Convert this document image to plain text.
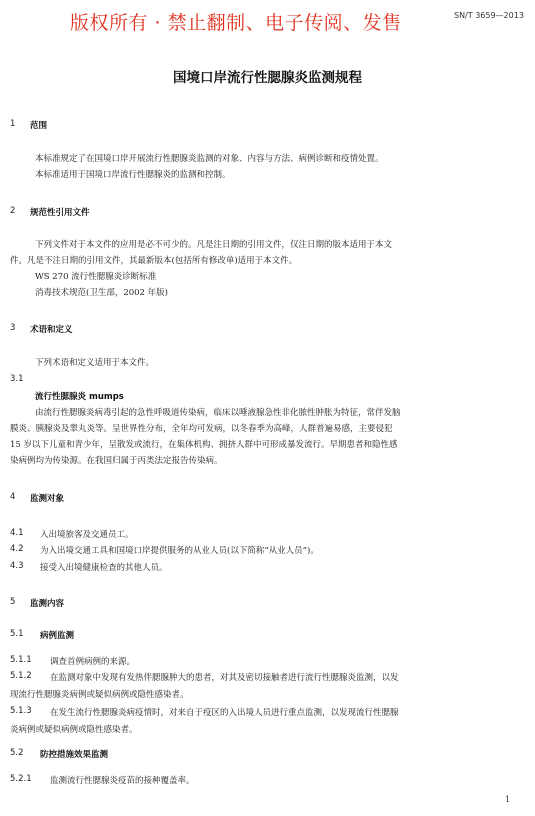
版权所有 · 禁止翻制、电子传阅、发售	SN/T 3659—2013
国境口岸流行性腮腺炎监测规程
1 范围
本标准规定了在国境口岸开展流行性腮腺炎监测的对象、内容与方法、病例诊断和疫情处置。
本标准适用于国境口岸流行性腮腺炎的监测和控制。
2 规范性引用文件
下列文件对于本文件的应用是必不可少的。凡是注日期的引用文件，仅注日期的版本适用于本文
件。凡是不注日期的引用文件，其最新版本(包括所有修改单)适用于本文件。
WS 270 流行性腮腺炎诊断标准
消毒技术规范(卫生部，2002 年版)
3 术语和定义
下列术语和定义适用于本文件。
3.1
流行性腮腺炎 mumps
由流行性腮腺炎病毒引起的急性呼吸道传染病，临床以唾液腺急性非化脓性肿胀为特征，常伴发脑
膜炎、胰腺炎及睾丸炎等。呈世界性分布，全年均可发病，以冬春季为高峰，人群普遍易感，主要侵犯
15 岁以下儿童和青少年，呈散发或流行，在集体机构、拥挤人群中可形成暴发流行。早期患者和隐性感
染病例均为传染源。在我国归属于丙类法定报告传染病。
4 监测对象
4.1 入出境旅客及交通员工。
4.2 为入出境交通工具和国境口岸提供服务的从业人员(以下简称“从业人员”)。
4.3 接受入出境健康检查的其他人员。
5 监测内容
5.1 病例监测
5.1.1 调查首例病例的来源。
5.1.2 在监测对象中发现有发热伴腮腺肿大的患者，对其及密切接触者进行流行性腮腺炎监测，以发
现流行性腮腺炎病例或疑似病例或隐性感染者。
5.1.3 在发生流行性腮腺炎病疫情时，对来自于疫区的入出境人员进行重点监测，以发现流行性腮腺
炎病例或疑似病例或隐性感染者。
5.2 防控措施效果监测
5.2.1 监测流行性腮腺炎疫苗的接种覆盖率。
1
